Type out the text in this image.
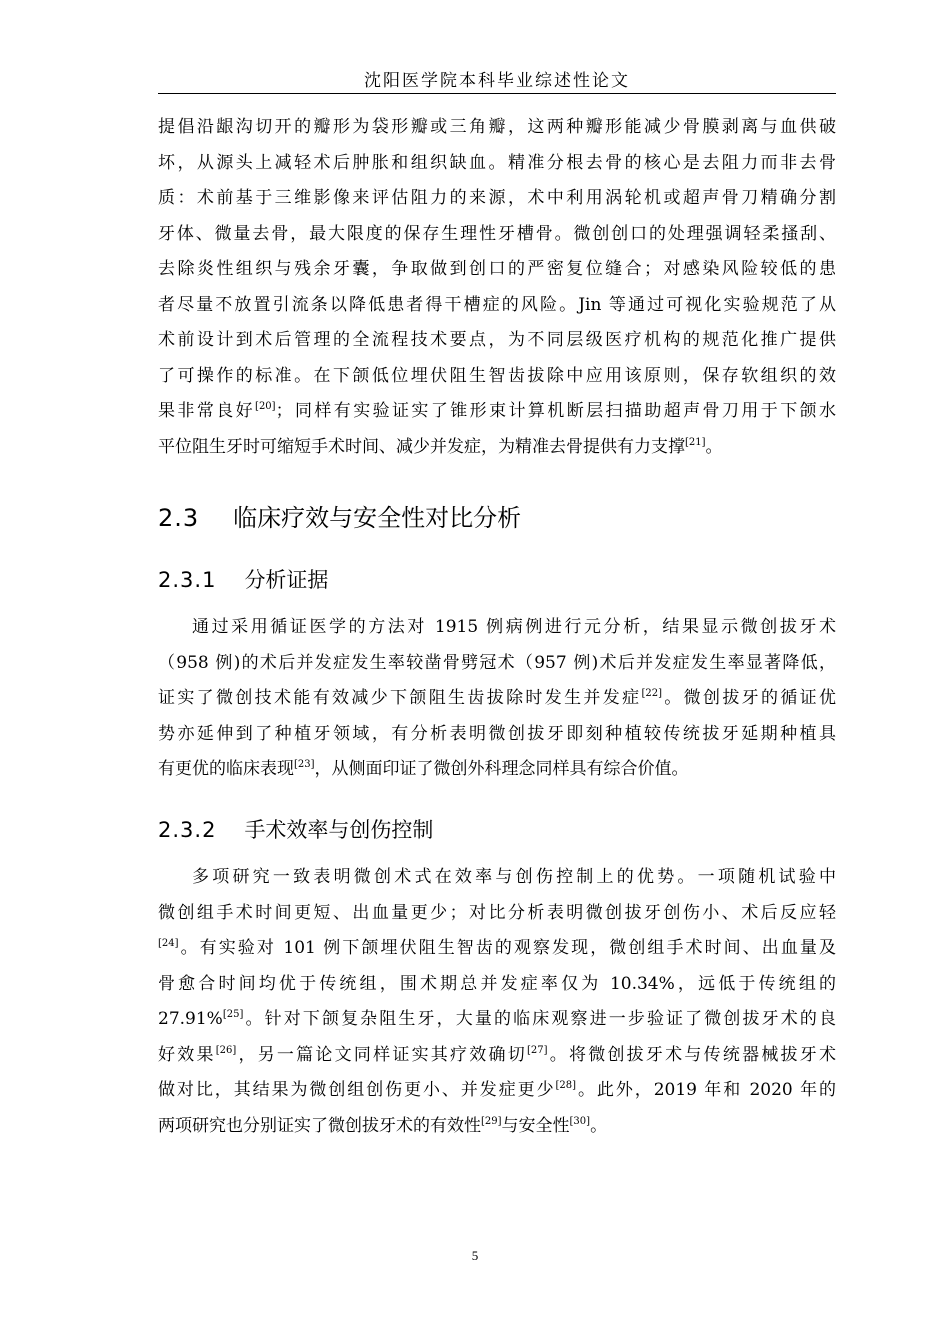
沈阳医学院本科毕业综述性论文
提倡沿龈沟切开的瓣形为袋形瓣或三角瓣，这两种瓣形能减少骨膜剥离与血供破
坏，从源头上减轻术后肿胀和组织缺血。精准分根去骨的核心是去阻力而非去骨
质：术前基于三维影像来评估阻力的来源，术中利用涡轮机或超声骨刀精确分割
牙体、微量去骨，最大限度的保存生理性牙槽骨。微创创口的处理强调轻柔搔刮、
去除炎性组织与残余牙囊，争取做到创口的严密复位缝合；对感染风险较低的患
者尽量不放置引流条以降低患者得干槽症的风险。Jin 等通过可视化实验规范了从
术前设计到术后管理的全流程技术要点，为不同层级医疗机构的规范化推广提供
了可操作的标准。在下颌低位埋伏阻生智齿拔除中应用该原则，保存软组织的效
果非常良好[20]；同样有实验证实了锥形束计算机断层扫描助超声骨刀用于下颌水
平位阻生牙时可缩短手术时间、减少并发症，为精准去骨提供有力支撑[21]。
2.3 临床疗效与安全性对比分析
2.3.1 分析证据
通过采用循证医学的方法对 1915 例病例进行元分析，结果显示微创拔牙术
（958 例)的术后并发症发生率较凿骨劈冠术（957 例)术后并发症发生率显著降低，
证实了微创技术能有效减少下颌阻生齿拔除时发生并发症[22]。微创拔牙的循证优
势亦延伸到了种植牙领域，有分析表明微创拔牙即刻种植较传统拔牙延期种植具
有更优的临床表现[23]，从侧面印证了微创外科理念同样具有综合价值。
2.3.2 手术效率与创伤控制
多项研究一致表明微创术式在效率与创伤控制上的优势。一项随机试验中
微创组手术时间更短、出血量更少；对比分析表明微创拔牙创伤小、术后反应轻
[24]。有实验对 101 例下颌埋伏阻生智齿的观察发现，微创组手术时间、出血量及
骨愈合时间均优于传统组，围术期总并发症率仅为 10.34%，远低于传统组的
27.91%[25]。针对下颌复杂阻生牙，大量的临床观察进一步验证了微创拔牙术的良
好效果[26]，另一篇论文同样证实其疗效确切[27]。将微创拔牙术与传统器械拔牙术
做对比，其结果为微创组创伤更小、并发症更少[28]。此外，2019 年和 2020 年的
两项研究也分别证实了微创拔牙术的有效性[29]与安全性[30]。
5
